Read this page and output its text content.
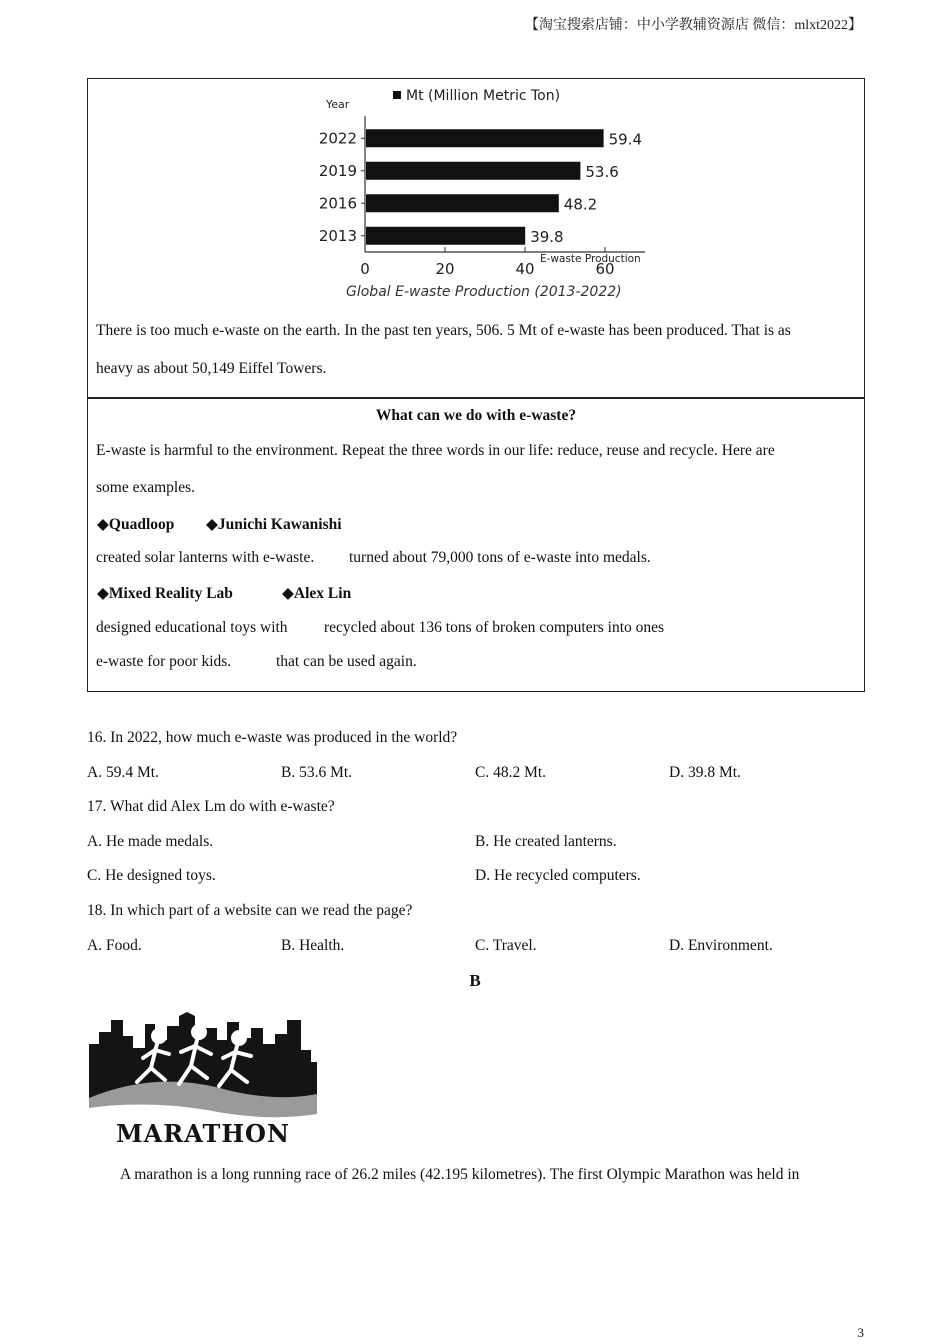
【淘宝搜索店铺：中小学教辅资源店 微信：mlxt2022】
Year
Mt (Million Metric Ton)
2022	59.4
2019	53.6
2016	48.2
2013	39.8
0	20	40	60
E-waste Production
Global E-waste Production (2013-2022)
There is too much e-waste on the earth. In the past ten years, 506. 5 Mt of e-waste has been produced. That is as
heavy as about 50,149 Eiffel Towers.
What can we do with e-waste?
E-waste is harmful to the environment. Repeat the three words in our life: reduce, reuse and recycle. Here are
some examples.
◆Quadloop ◆Junichi Kawanishi
created solar lanterns with e-waste. turned about 79,000 tons of e-waste into medals.
◆Mixed Reality Lab	◆Alex Lin
designed educational toys with recycled about 136 tons of broken computers into ones
e-waste for poor kids.	that can be used again.
16. In 2022, how much e-waste was produced in the world?
A. 59.4 Mt.	B. 53.6 Mt.	C. 48.2 Mt.	D. 39.8 Mt.
17. What did Alex Lm do with e-waste?
A. He made medals.	B. He created lanterns.
C. He designed toys.	D. He recycled computers.
18. In which part of a website can we read the page?
A. Food.	B. Health.	C. Travel.	D. Environment.
B
MARATHON
A marathon is a long running race of 26.2 miles (42.195 kilometres). The first Olympic Marathon was held in
3
